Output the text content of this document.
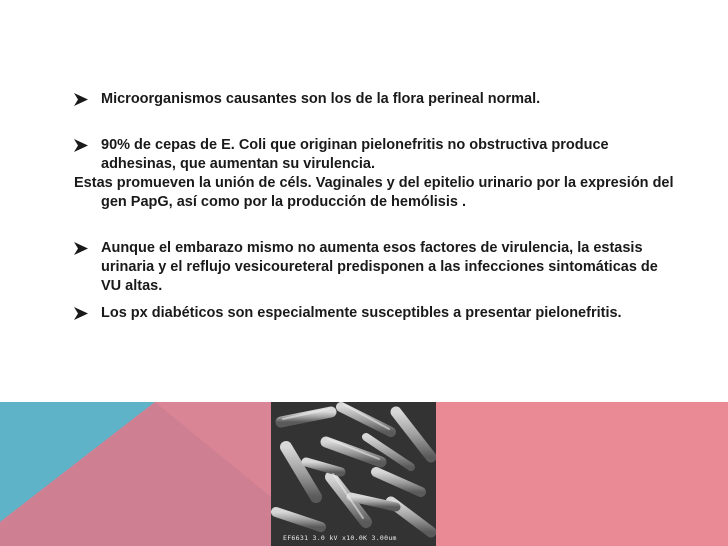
Microorganismos causantes son los de la flora perineal normal.
90% de cepas de E. Coli que originan pielonefritis no obstructiva produce adhesinas, que aumentan su virulencia.
Estas promueven la unión de céls. Vaginales y del epitelio urinario por la expresión del gen PapG, así como por la producción de hemólisis .
Aunque el embarazo mismo no aumenta esos factores de virulencia, la estasis urinaria y el reflujo vesicoureteral predisponen a las infecciones sintomáticas de VU altas.
Los px diabéticos son especialmente susceptibles a presentar pielonefritis.
EF6631 3.0 kV x10.0K 3.00um
